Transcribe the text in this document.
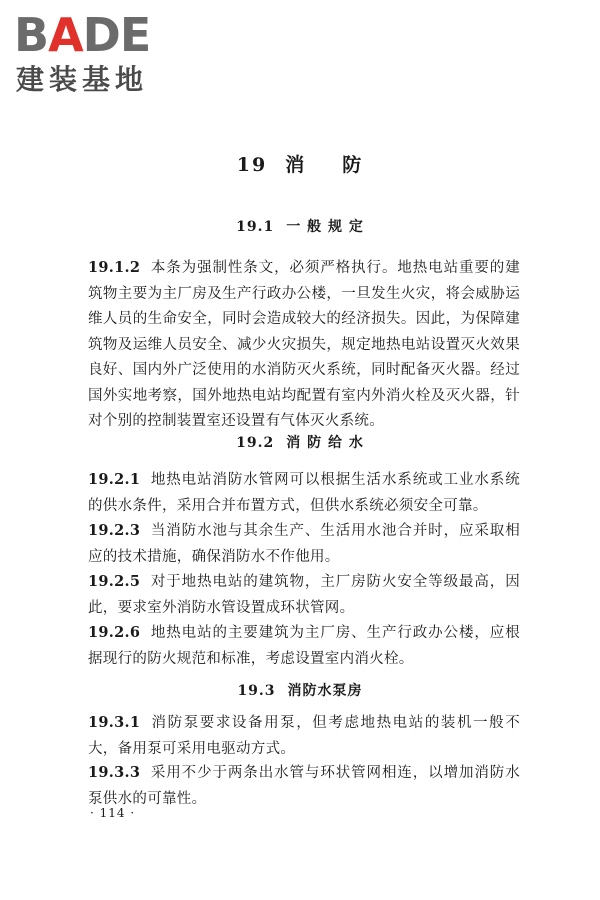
BADE
建装基地
19 消 防
19.1 一 般 规 定
19.1.2 本条为强制性条文，必须严格执行。地热电站重要的建筑物主要为主厂房及生产行政办公楼，一旦发生火灾，将会威胁运维人员的生命安全，同时会造成较大的经济损失。因此，为保障建筑物及运维人员安全、减少火灾损失，规定地热电站设置灭火效果良好、国内外广泛使用的水消防灭火系统，同时配备灭火器。经过国外实地考察，国外地热电站均配置有室内外消火栓及灭火器，针对个别的控制装置室还设置有气体灭火系统。
19.2 消 防 给 水
19.2.1 地热电站消防水管网可以根据生活水系统或工业水系统的供水条件，采用合并布置方式，但供水系统必须安全可靠。
19.2.3 当消防水池与其余生产、生活用水池合并时，应采取相应的技术措施，确保消防水不作他用。
19.2.5 对于地热电站的建筑物，主厂房防火安全等级最高，因此，要求室外消防水管设置成环状管网。
19.2.6 地热电站的主要建筑为主厂房、生产行政办公楼，应根据现行的防火规范和标准，考虑设置室内消火栓。
19.3 消防水泵房
19.3.1 消防泵要求设备用泵，但考虑地热电站的装机一般不大，备用泵可采用电驱动方式。
19.3.3 采用不少于两条出水管与环状管网相连，以增加消防水泵供水的可靠性。
· 114 ·
